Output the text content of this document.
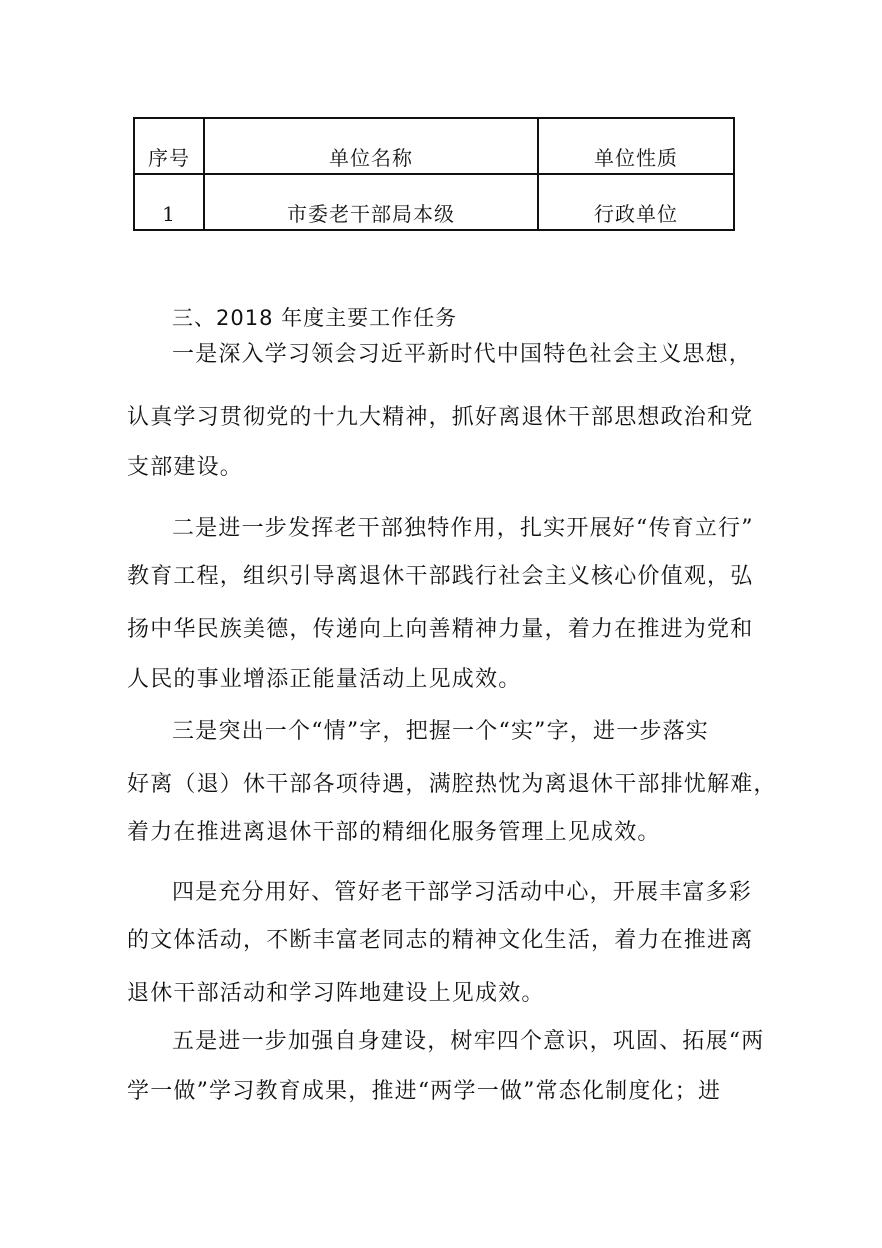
序号	单位名称	单位性质
1	市委老干部局本级	行政单位
三、2018 年度主要工作任务
一是深入学习领会习近平新时代中国特色社会主义思想，
认真学习贯彻党的十九大精神，抓好离退休干部思想政治和党
支部建设。
二是进一步发挥老干部独特作用，扎实开展好“传育立行”
教育工程，组织引导离退休干部践行社会主义核心价值观，弘
扬中华民族美德，传递向上向善精神力量，着力在推进为党和
人民的事业增添正能量活动上见成效。
三是突出一个“情”字，把握一个“实”字，进一步落实
好离（退）休干部各项待遇，满腔热忱为离退休干部排忧解难，
着力在推进离退休干部的精细化服务管理上见成效。
四是充分用好、管好老干部学习活动中心，开展丰富多彩
的文体活动，不断丰富老同志的精神文化生活，着力在推进离
退休干部活动和学习阵地建设上见成效。
五是进一步加强自身建设，树牢四个意识，巩固、拓展“两
学一做”学习教育成果，推进“两学一做”常态化制度化；进
